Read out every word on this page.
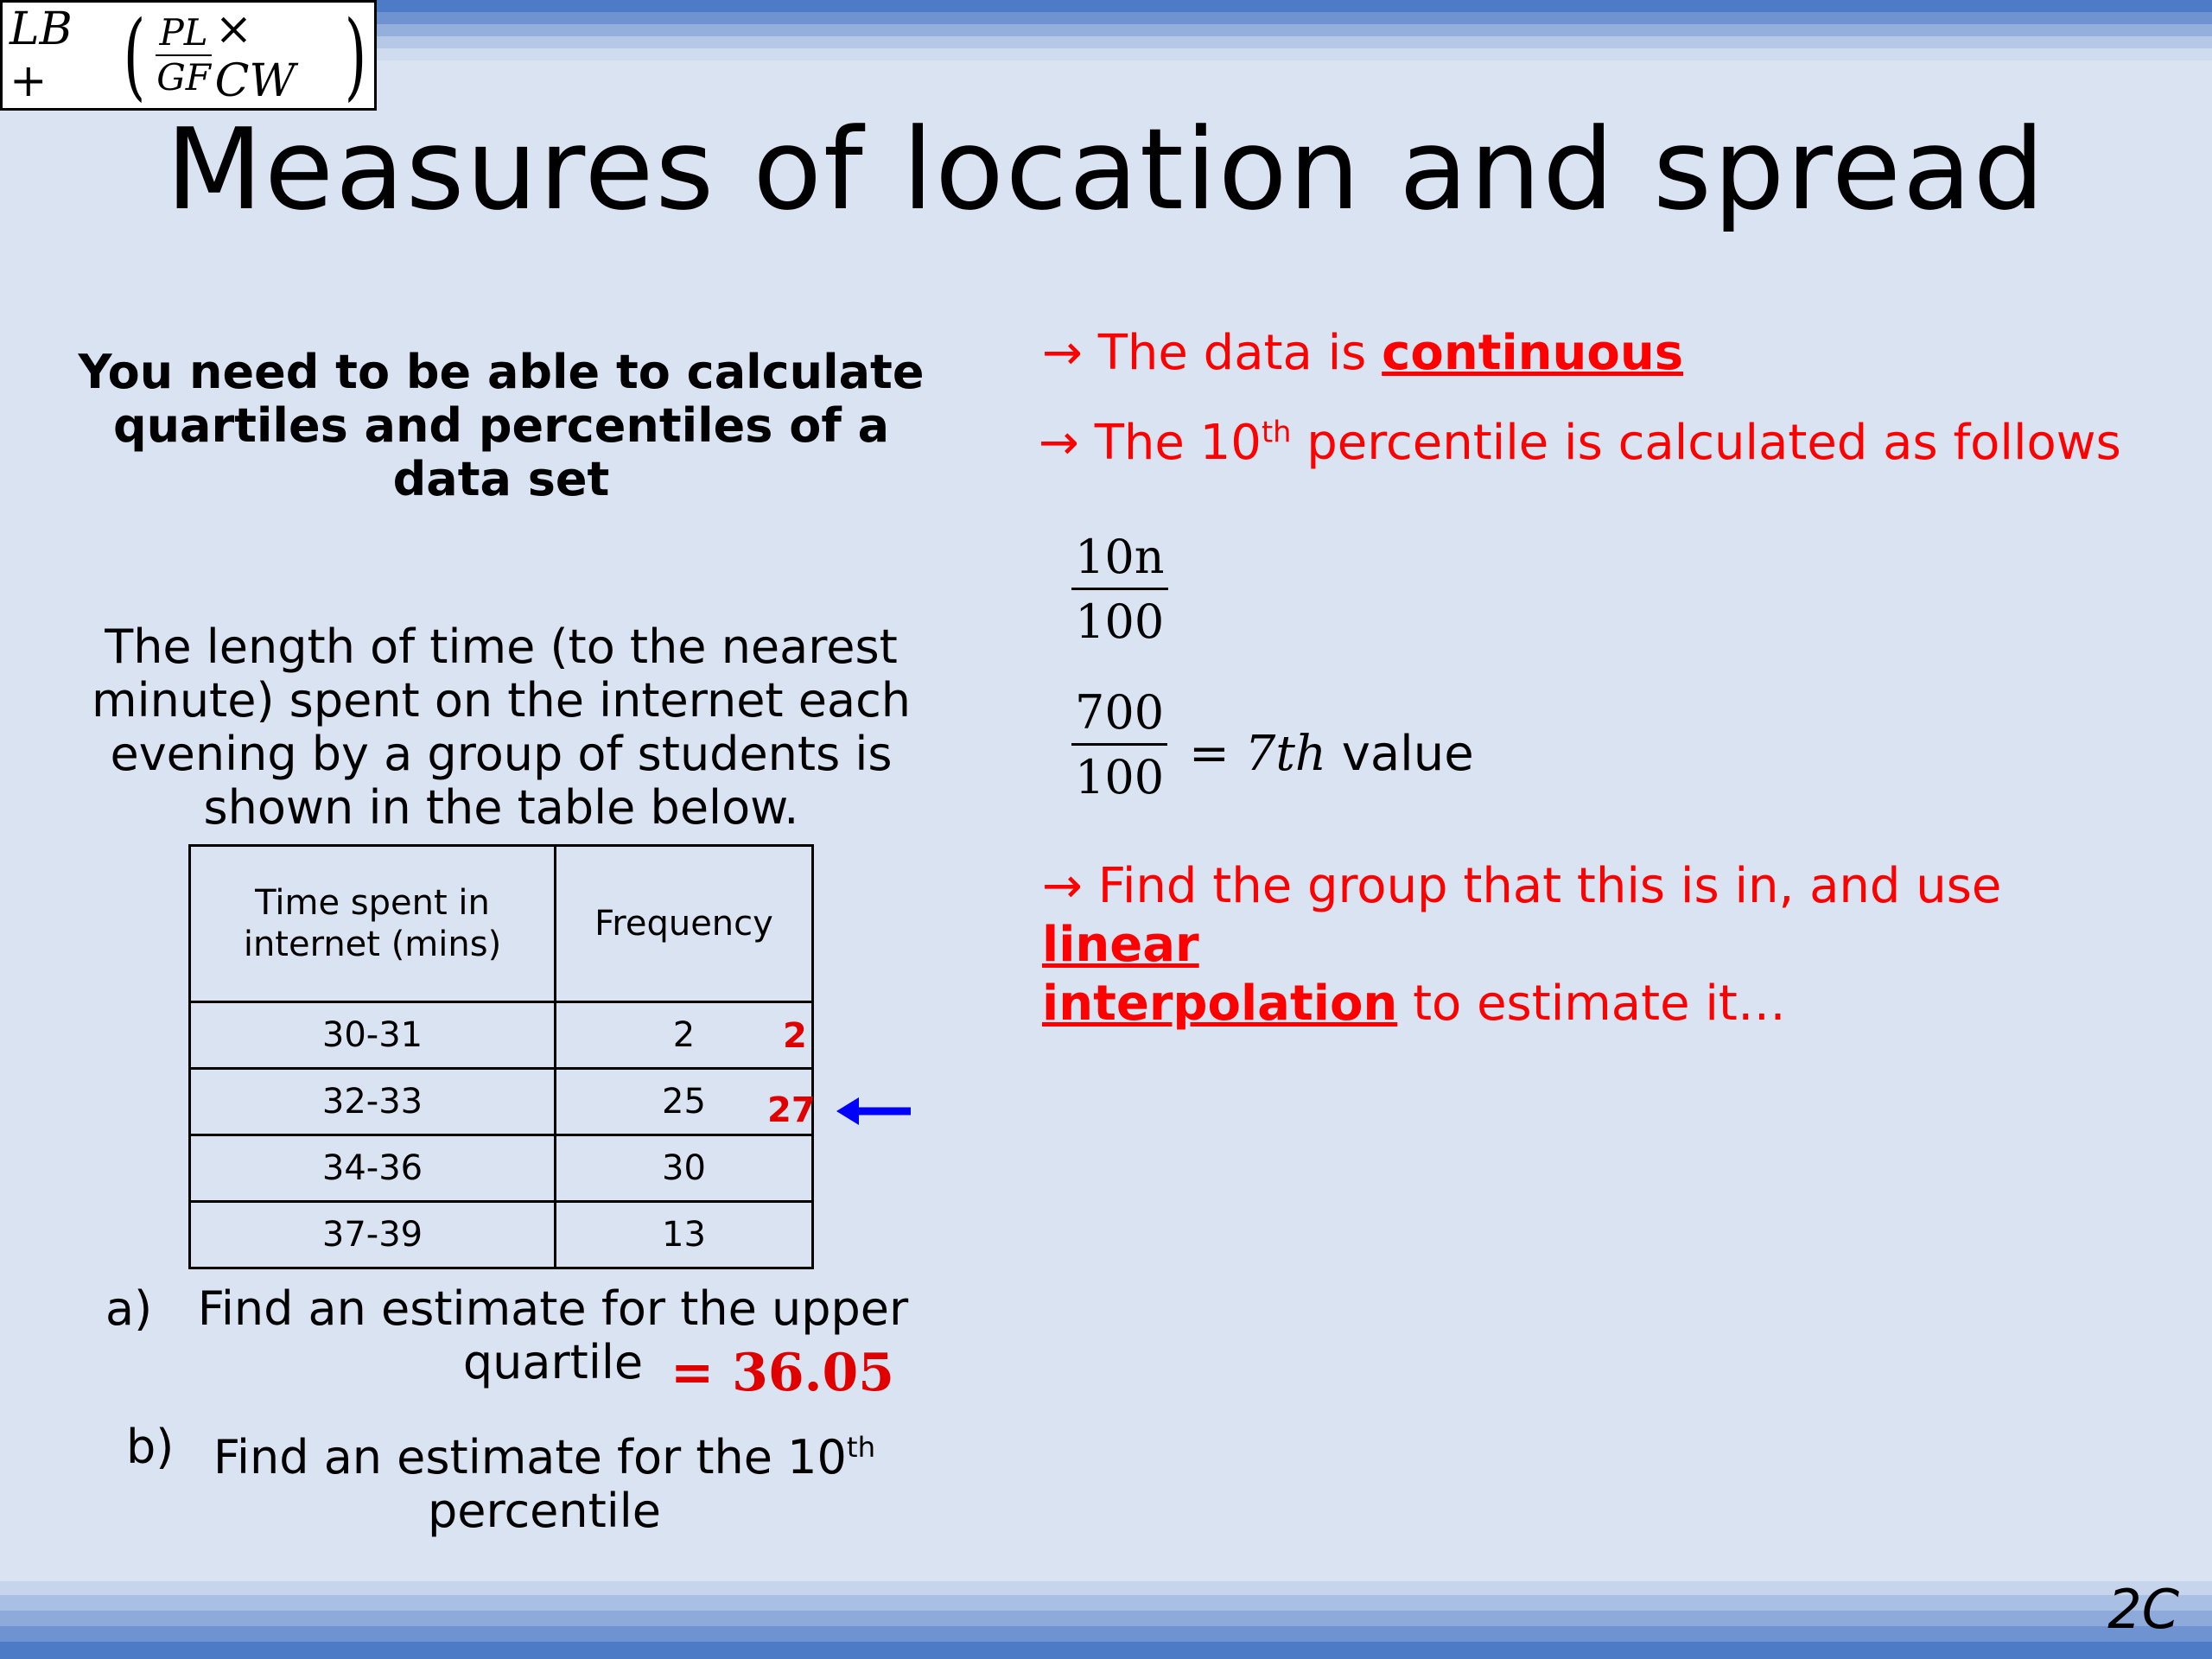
LB + ( $\frac{PL}{GF}$ × CW )
Measures of location and spread
You need to be able to calculate quartiles and percentiles of a data set
The length of time (to the nearest minute) spent on the internet each evening by a group of students is shown in the table below.
Time spent in internet (mins)	Frequency
30-31	2
32-33	25
34-36	30
37-39	13
2
27
a) Find an estimate for the upper quartile = 36.05
b) Find an estimate for the 10th percentile
→ The data is continuous
→ The 10th percentile is calculated as follows
$\frac{10n}{100}$
$\frac{700}{100} = 7th$ value
→ Find the group that this is in, and use linear
interpolation to estimate it…
2C
